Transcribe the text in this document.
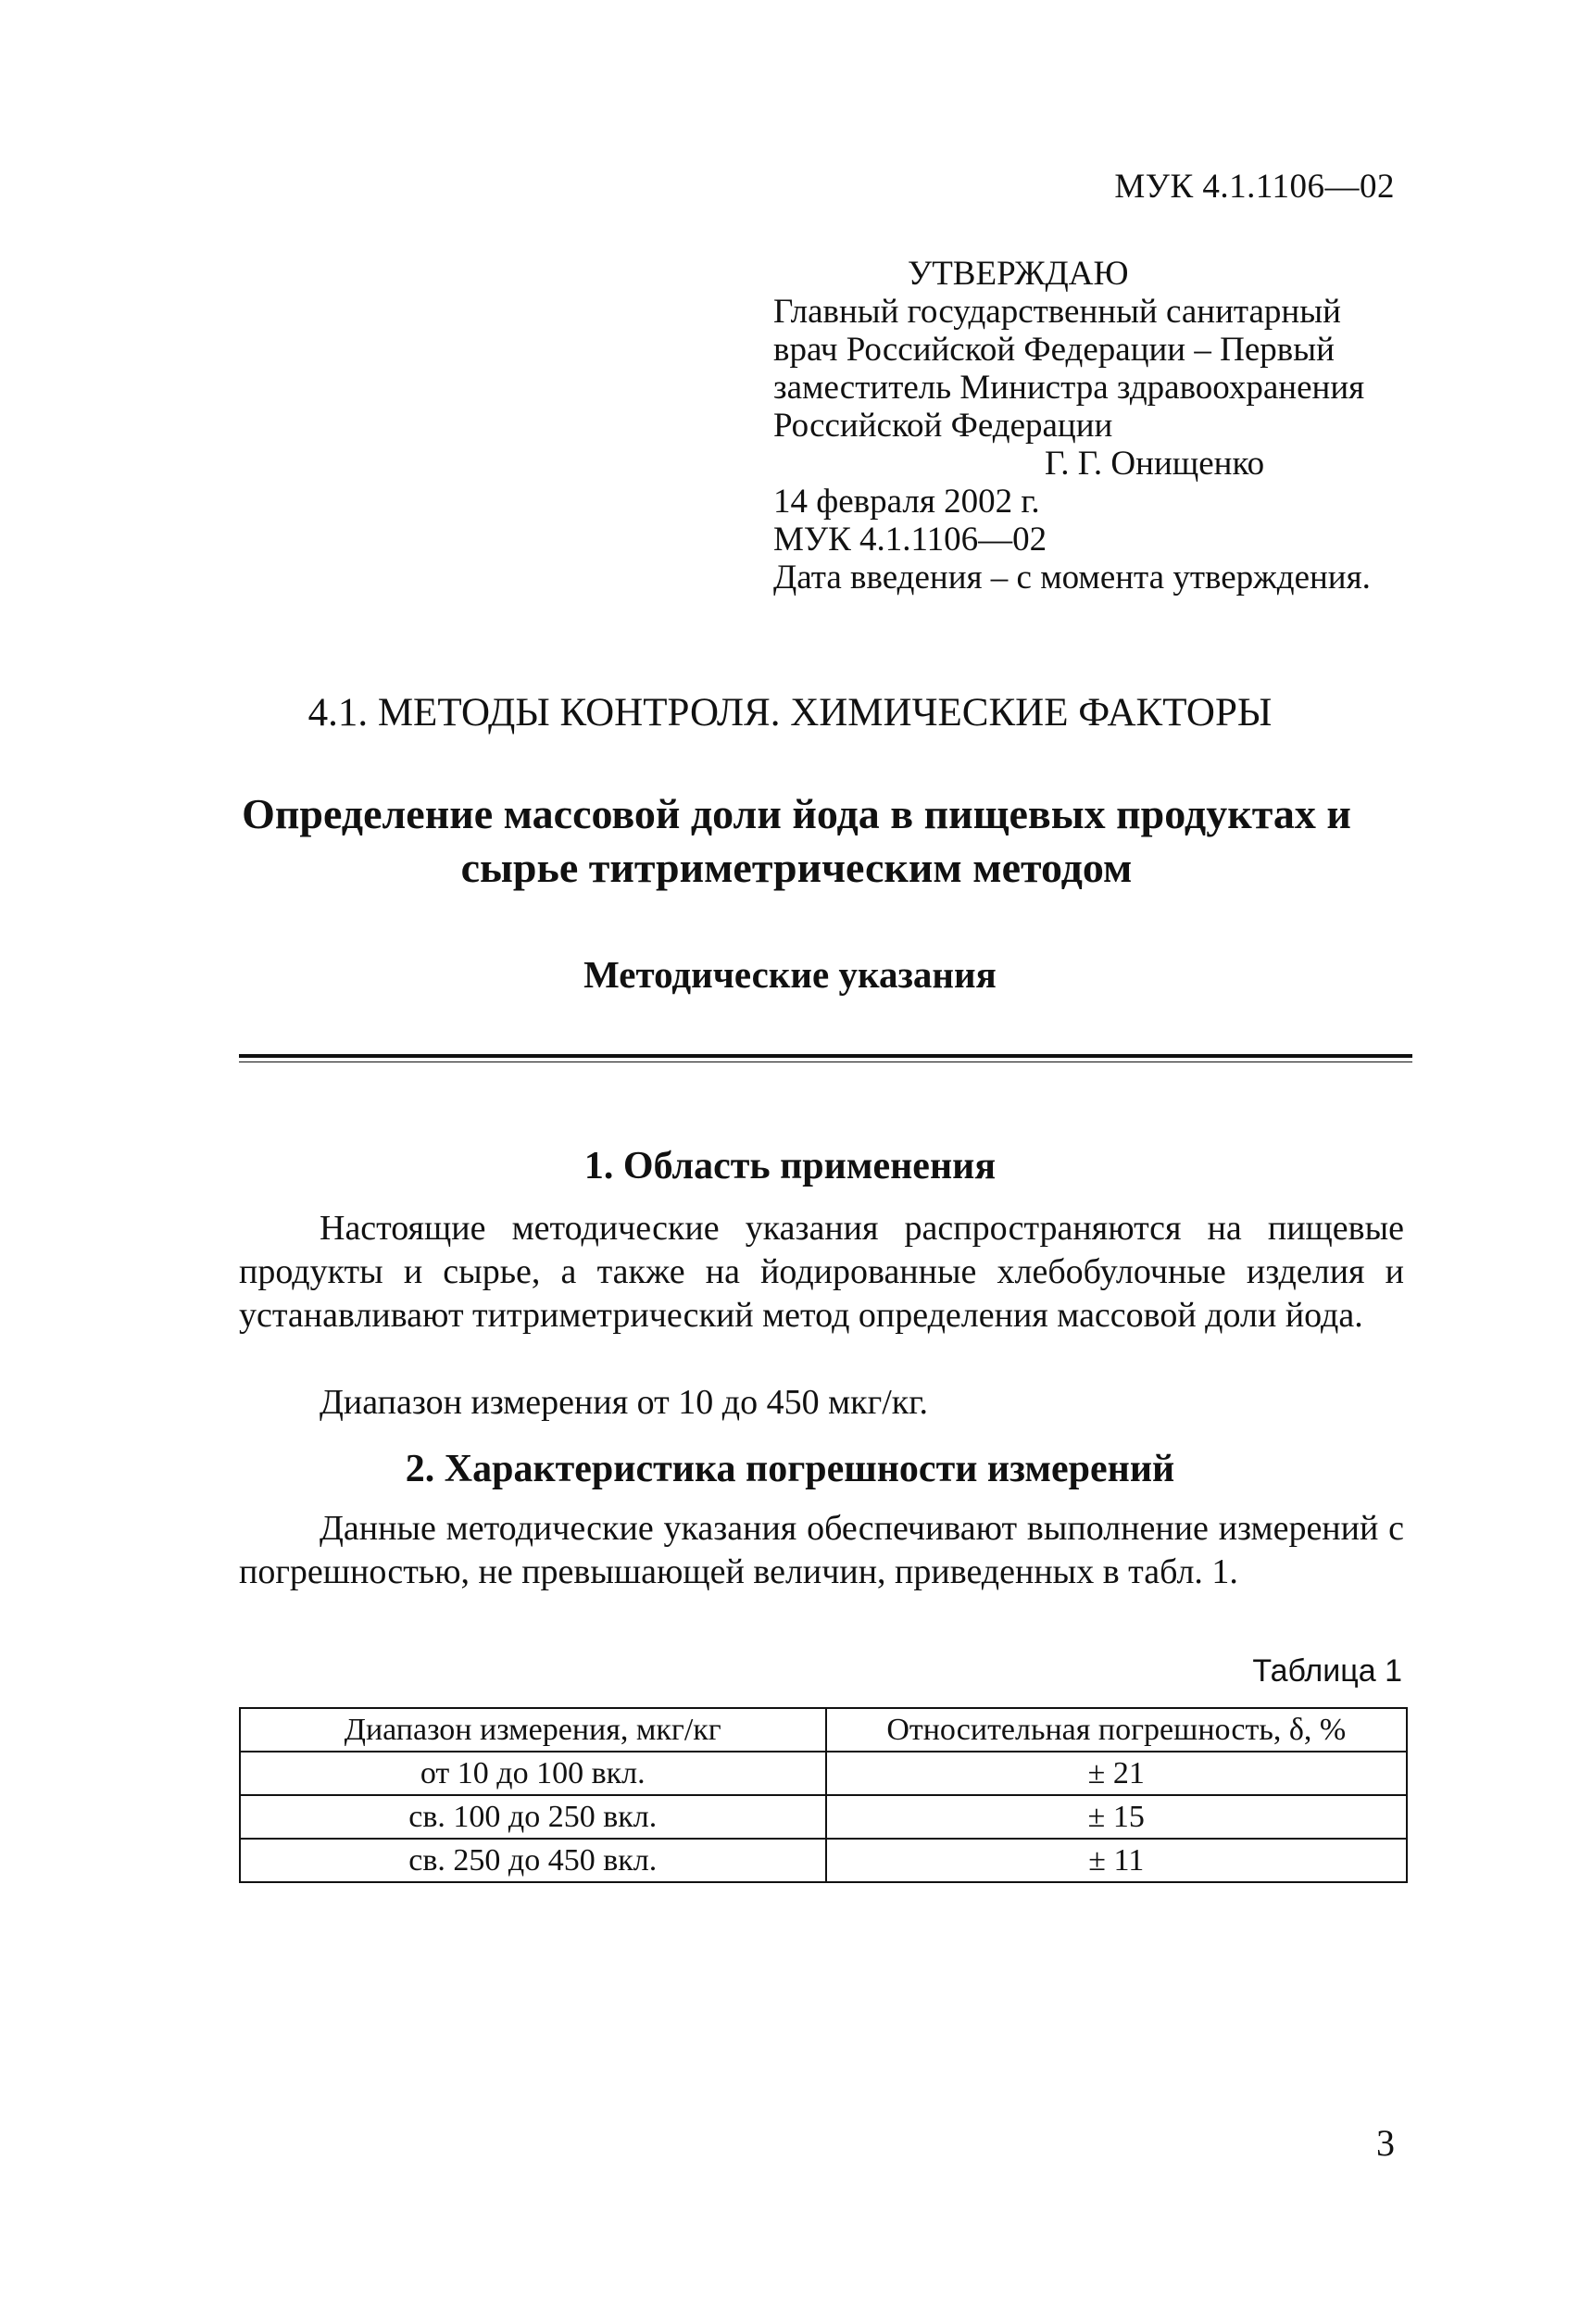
МУК 4.1.1106—02
УТВЕРЖДАЮ
Главный государственный санитарный
врач Российской Федерации – Первый
заместитель Министра здравоохранения
Российской Федерации
Г. Г. Онищенко
14 февраля 2002 г.
МУК 4.1.1106—02
Дата введения – с момента утверждения.
4.1. МЕТОДЫ КОНТРОЛЯ. ХИМИЧЕСКИЕ ФАКТОРЫ
Определение массовой доли йода в пищевых продуктах и
сырье титриметрическим методом
Методические указания
1. Область применения
Настоящие методические указания распространяются на пищевые продукты и сырье, а также на йодированные хлебобулочные изделия и устанавливают титриметрический метод определения массовой доли йода.
Диапазон измерения от 10 до 450 мкг/кг.
2. Характеристика погрешности измерений
Данные методические указания обеспечивают выполнение измерений с погрешностью, не превышающей величин, приведенных в табл. 1.
Таблица 1
Диапазон измерения, мкг/кг	Относительная погрешность, δ, %
от 10 до 100 вкл.	± 21
св. 100 до 250 вкл.	± 15
св. 250 до 450 вкл.	± 11
3
